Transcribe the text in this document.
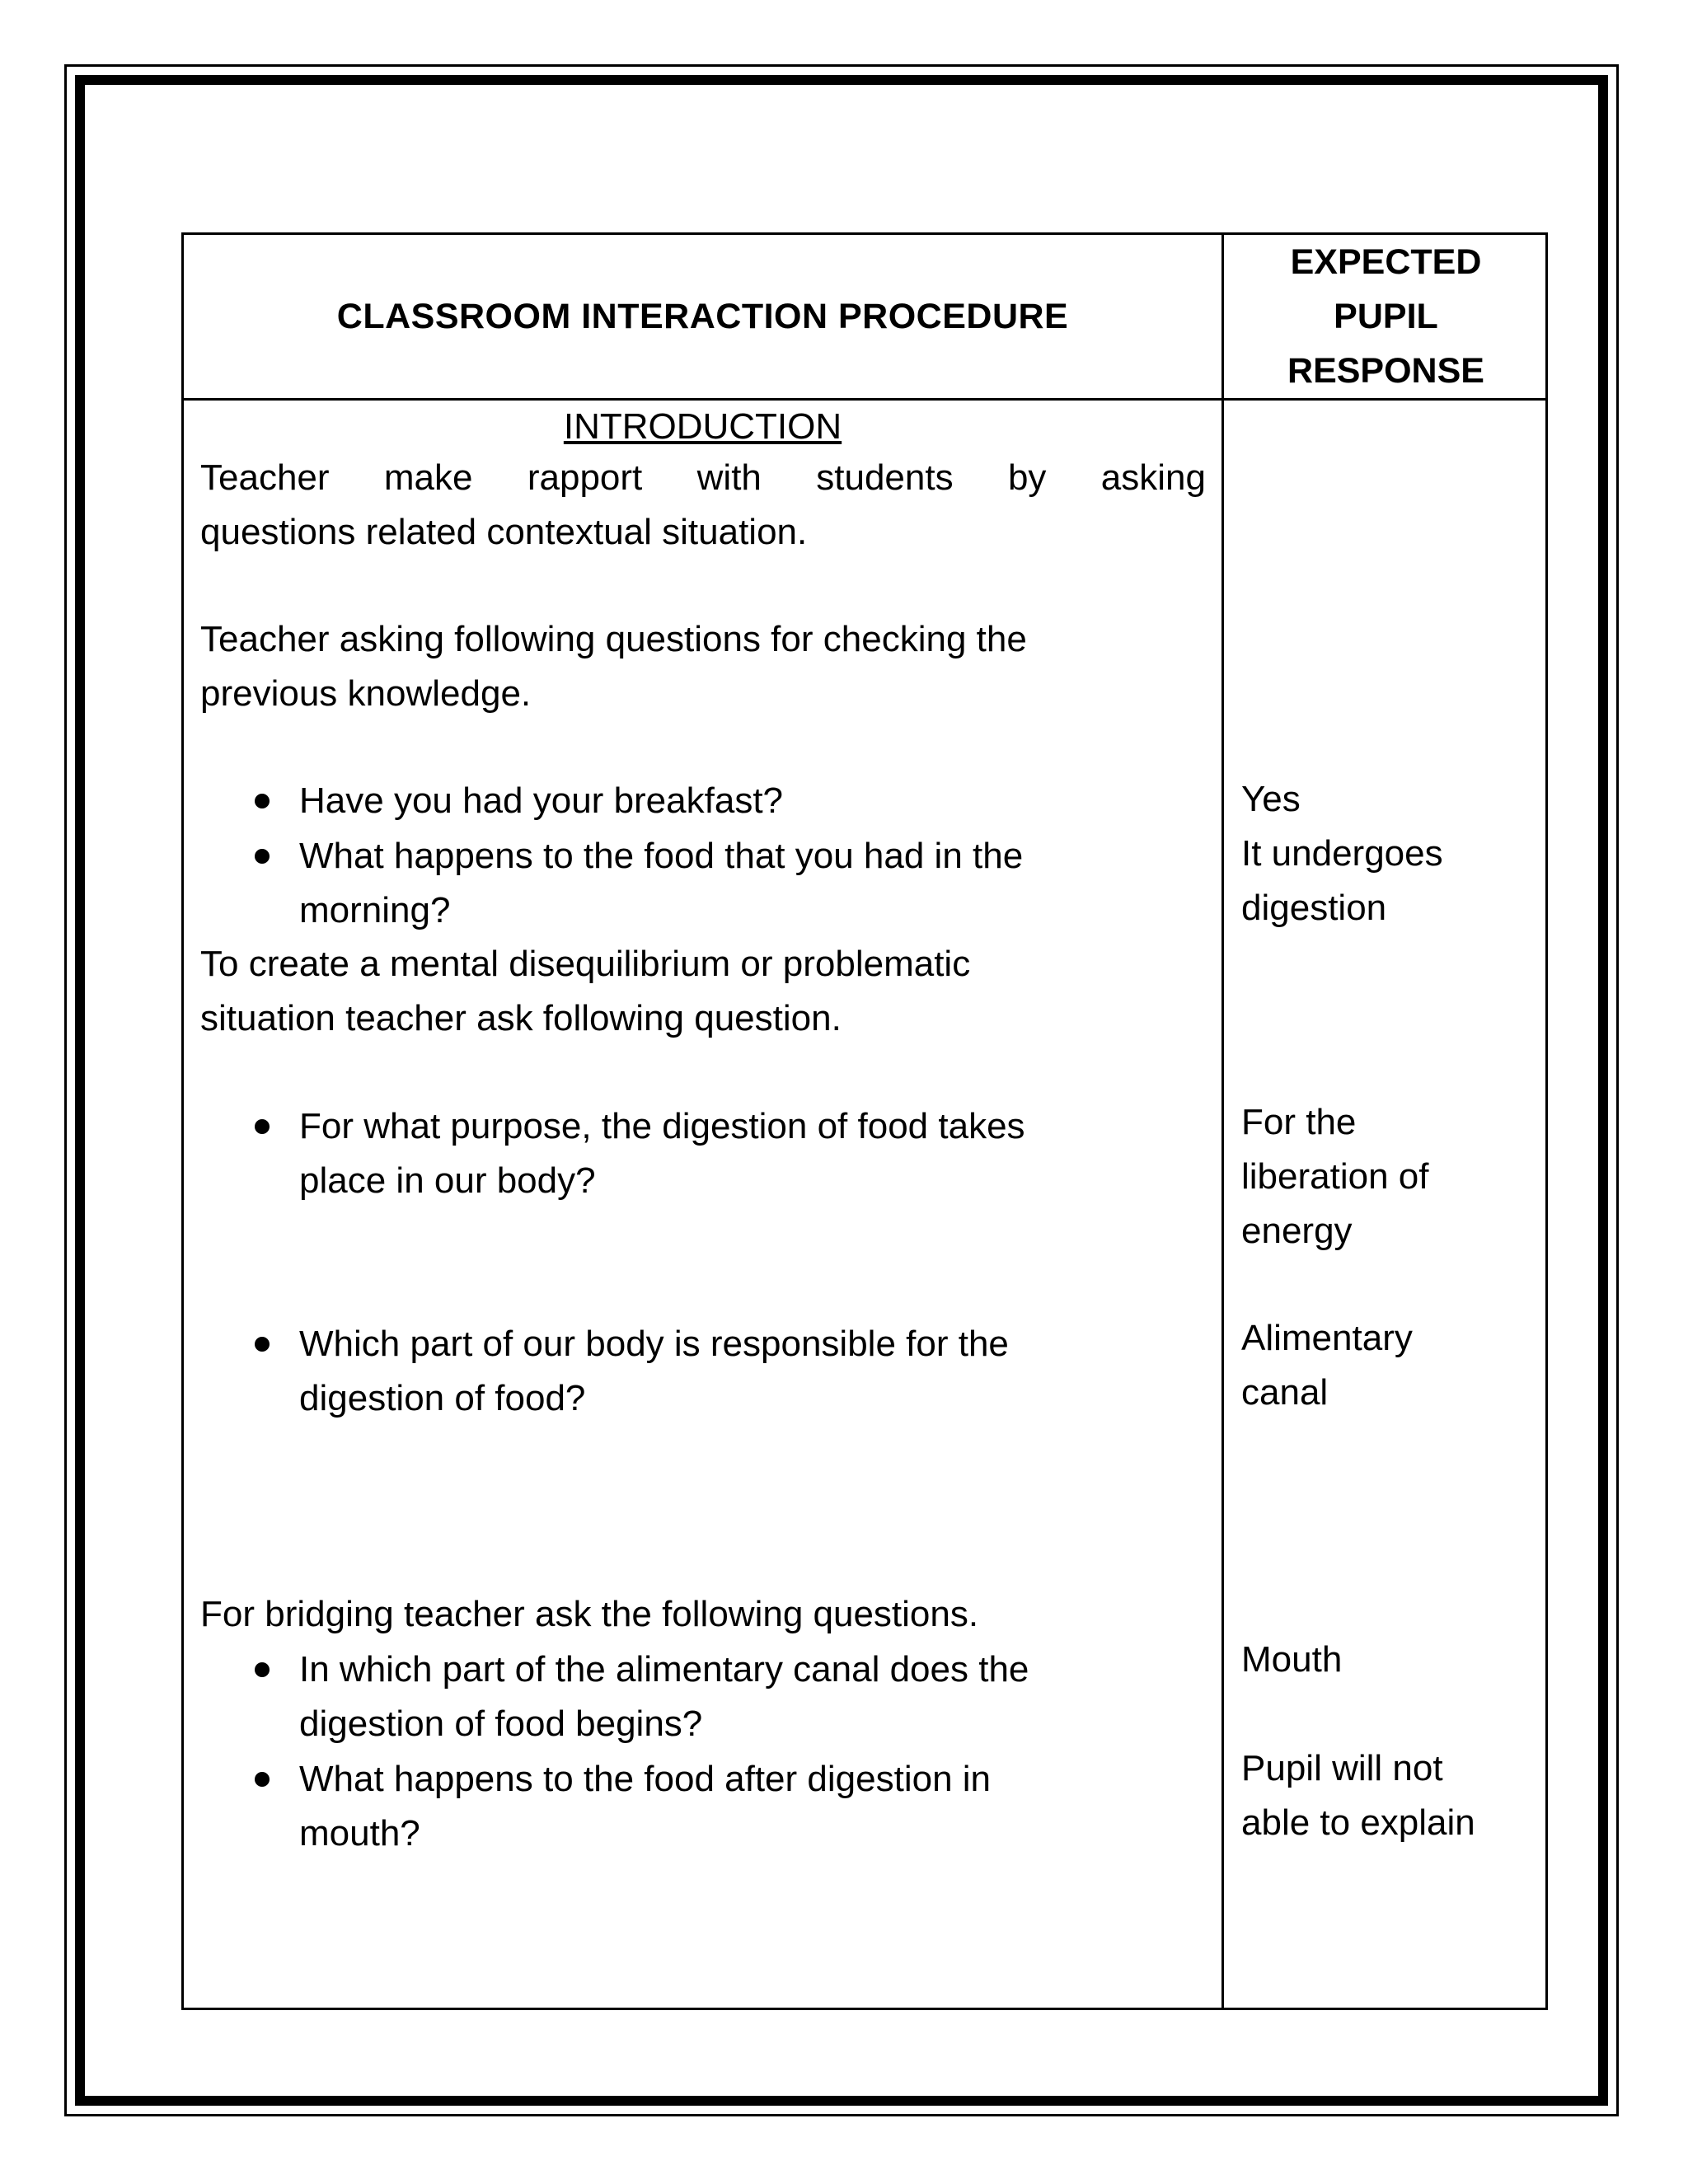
CLASSROOM INTERACTION PROCEDURE
EXPECTED
PUPIL
RESPONSE
INTRODUCTION
Teacher make rapport with students by asking
questions related contextual situation.
Teacher asking following questions for checking the
previous knowledge.
Have you had your breakfast?
What happens to the food that you had in the
morning?
To create a mental disequilibrium or problematic
situation teacher ask following question.
For what purpose, the digestion of food takes
place in our body?
Which part of our body is responsible for the
digestion of food?
For bridging teacher ask the following questions.
In which part of the alimentary canal does the
digestion of food begins?
What happens to the food after digestion in
mouth?
Yes
It undergoes
digestion
For the
liberation of
energy
Alimentary
canal
Mouth
Pupil will not
able to explain
